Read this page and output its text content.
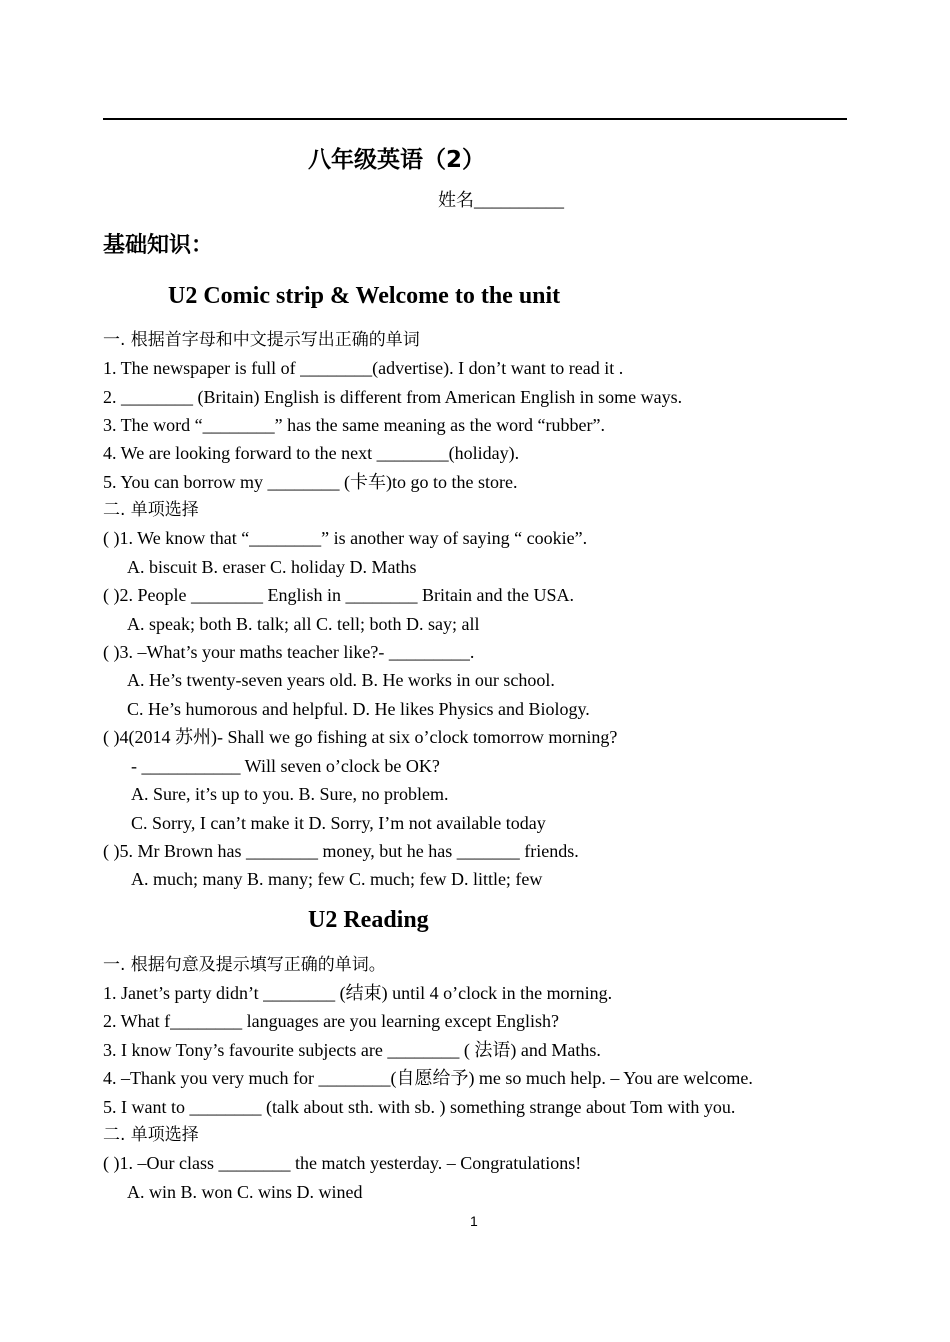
八年级英语（2）
姓名__________
基础知识：
U2 Comic strip & Welcome to the unit
一. 根据首字母和中文提示写出正确的单词
1. The newspaper is full of ________(advertise). I don’t want to read it .
2. ________ (Britain) English is different from American English in some ways.
3. The word “________” has the same meaning as the word “rubber”.
4. We are looking forward to the next ________(holiday).
5. You can borrow my ________ (卡车)to go to the store.
二. 单项选择
( )1. We know that “________” is another way of saying “ cookie”.
A. biscuit B. eraser C. holiday D. Maths
( )2. People ________ English in ________ Britain and the USA.
A. speak; both B. talk; all C. tell; both D. say; all
( )3. –What’s your maths teacher like?- _________.
A. He’s twenty-seven years old. B. He works in our school.
C. He’s humorous and helpful. D. He likes Physics and Biology.
( )4(2014 苏州)- Shall we go fishing at six o’clock tomorrow morning?
- ___________ Will seven o’clock be OK?
A. Sure, it’s up to you. B. Sure, no problem.
C. Sorry, I can’t make it D. Sorry, I’m not available today
( )5. Mr Brown has ________ money, but he has _______ friends.
A. much; many B. many; few C. much; few D. little; few
U2 Reading
一. 根据句意及提示填写正确的单词。
1. Janet’s party didn’t ________ (结束) until 4 o’clock in the morning.
2. What f________ languages are you learning except English?
3. I know Tony’s favourite subjects are ________ ( 法语) and Maths.
4. –Thank you very much for ________(自愿给予) me so much help. – You are welcome.
5. I want to ________ (talk about sth. with sb. ) something strange about Tom with you.
二. 单项选择
( )1. –Our class ________ the match yesterday. – Congratulations!
A. win B. won C. wins D. wined
1
